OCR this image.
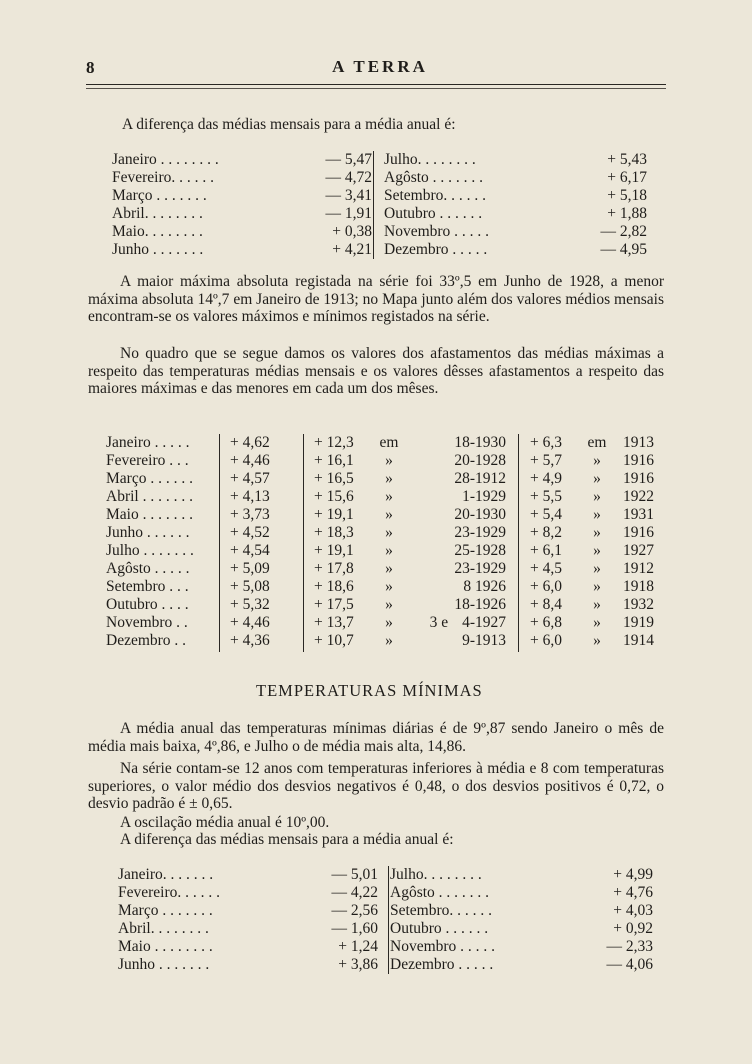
8	A TERRA
A diferença das médias mensais para a média anual é:
Janeiro . . . . . . . .	— 5,47 Julho. . . . . . . .	+ 5,43
Fevereiro. . . . . .	— 4,72 Agôsto . . . . . . .	+ 6,17
Março . . . . . . .	— 3,41 Setembro. . . . . .	+ 5,18
Abril. . . . . . . .	— 1,91 Outubro . . . . . .	+ 1,88
Maio. . . . . . . .	+ 0,38 Novembro . . . . .	— 2,82
Junho . . . . . . .	+ 4,21 Dezembro . . . . .	— 4,95
A maior máxima absoluta registada na série foi 33º,5 em Junho de 1928, a menor máxima absoluta 14º,7 em Janeiro de 1913; no Mapa junto além dos valores médios mensais encontram-se os valores máximos e mínimos registados na série.
No quadro que se segue damos os valores dos afastamentos das médias máximas a respeito das temperaturas médias mensais e os valores dêsses afastamentos a respeito das maiores máximas e das menores em cada um dos mêses.
Janeiro . . . . .	+ 4,62	+ 12,3	em	18-1930 + 6,3	em	1913
Fevereiro . . .	+ 4,46	+ 16,1	»	20-1928 + 5,7	»	1916
Março . . . . . .	+ 4,57	+ 16,5	»	28-1912 + 4,9	»	1916
Abril . . . . . . .	+ 4,13	+ 15,6	»	1-1929 + 5,5	»	1922
Maio . . . . . . .	+ 3,73	+ 19,1	»	20-1930 + 5,4	»	1931
Junho . . . . . .	+ 4,52	+ 18,3	»	23-1929 + 8,2	»	1916
Julho . . . . . . .	+ 4,54	+ 19,1	»	25-1928 + 6,1	»	1927
Agôsto . . . . .	+ 5,09	+ 17,8	»	23-1929 + 4,5	»	1912
Setembro . . .	+ 5,08	+ 18,6	»	8 1926 + 6,0	»	1918
Outubro . . . .	+ 5,32	+ 17,5	»	18-1926 + 8,4	»	1932
Novembro . .	+ 4,46	+ 13,7	»	3 e 4-1927 + 6,8	»	1919
Dezembro . .	+ 4,36	+ 10,7	»	9-1913 + 6,0	»	1914
TEMPERATURAS MÍNIMAS
A média anual das temperaturas mínimas diárias é de 9º,87 sendo Janeiro o mês de média mais baixa, 4º,86, e Julho o de média mais alta, 14,86.
Na série contam-se 12 anos com temperaturas inferiores à média e 8 com temperaturas superiores, o valor médio dos desvios negativos é 0,48, o dos desvios positivos é 0,72, o desvio padrão é ± 0,65.
A oscilação média anual é 10º,00.
A diferença das médias mensais para a média anual é:
Janeiro. . . . . . .	— 5,01 Julho. . . . . . . .	+ 4,99
Fevereiro. . . . . .	— 4,22 Agôsto . . . . . . .	+ 4,76
Março . . . . . . .	— 2,56 Setembro. . . . . .	+ 4,03
Abril. . . . . . . .	— 1,60 Outubro . . . . . .	+ 0,92
Maio . . . . . . . .	+ 1,24 Novembro . . . . .	— 2,33
Junho . . . . . . .	+ 3,86 Dezembro . . . . .	— 4,06
